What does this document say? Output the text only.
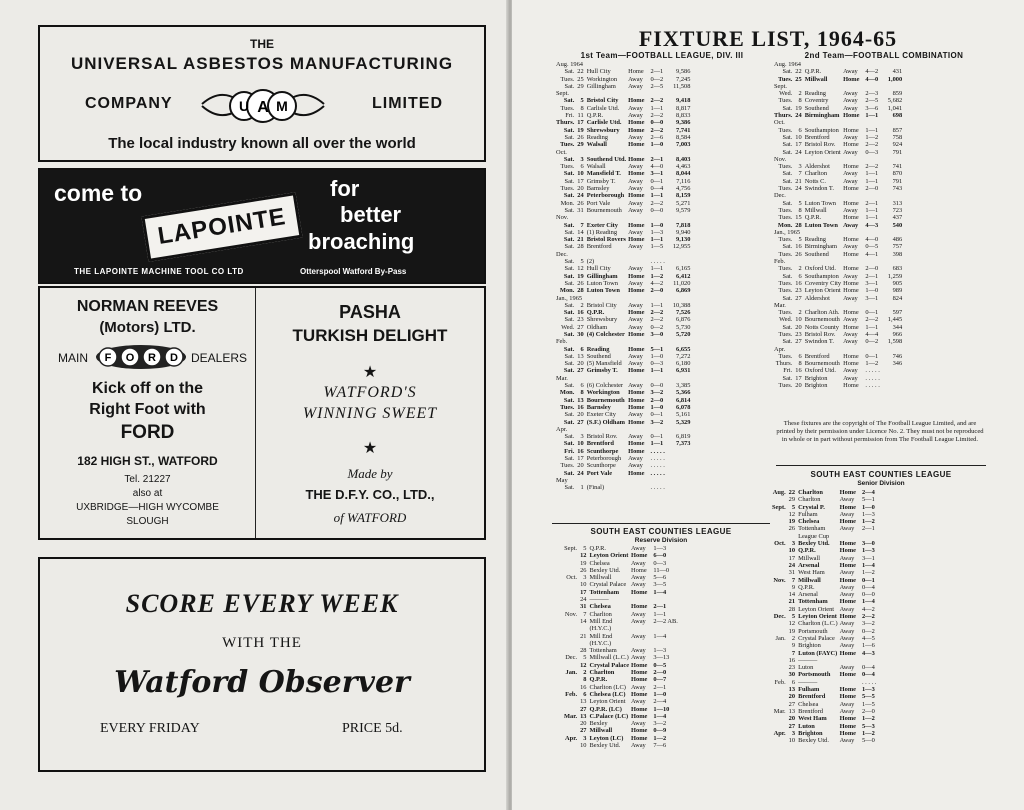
THE
UNIVERSAL ASBESTOS MANUFACTURING
COMPANY	U A M	LIMITED
The local industry known all over the world
come to
LAPOINTE
for
better
broaching
THE LAPOINTE MACHINE TOOL CO LTD	Otterspool Watford By-Pass
NORMAN REEVES
(Motors) LTD.
MAIN F O R D DEALERS
Kick off on the
Right Foot with
FORD
182 HIGH ST., WATFORD
Tel. 21227
also at
UXBRIDGE—HIGH WYCOMBE
SLOUGH
PASHA
TURKISH DELIGHT
★
WATFORD'S
WINNING SWEET
★
Made by
THE D.F.Y. CO., LTD.,
of WATFORD
SCORE EVERY WEEK
WITH THE
Watford Observer
EVERY FRIDAY	PRICE 5d.
FIXTURE LIST, 1964-65
1st Team—FOOTBALL LEAGUE, DIV. III
Aug. 1964					
Sat.	22	Hull City	Home	2—1	9,586
Tues.	25	Workington	Away	0—2	7,245
Sat.	29	Gillingham	Away	2—5	11,508
Sept.					
Sat.	5	Bristol City	Home	2—2	9,418
Tues.	8	Carlisle Utd.	Away	1—1	8,817
Fri.	11	Q.P.R.	Away	2—2	8,833
Thurs.	17	Carlisle Utd.	Home	0—0	9,386
Sat.	19	Shrewsbury	Home	2—2	7,741
Sat.	26	Reading	Away	2—6	8,584
Tues.	29	Walsall	Home	1—0	7,003
Oct.					
Sat.	3	Southend Utd.	Home	2—1	8,403
Tues.	6	Walsall	Away	4—0	4,463
Sat.	10	Mansfield T.	Home	3—1	8,044
Sat.	17	Grimsby T.	Away	0—1	7,116
Tues.	20	Barnsley	Away	0—4	4,756
Sat.	24	Peterborough	Home	1—1	8,159
Mon.	26	Port Vale	Away	2—2	5,271
Sat.	31	Bournemouth	Away	0—0	9,579
Nov.					
Sat.	7	Exeter City	Home	1—0	7,818
Sat.	14	(1) Reading	Away	1—3	9,940
Sat.	21	Bristol Rovers	Home	1—1	9,130
Sat.	28	Brentford	Away	1—5	12,955
Dec.					
Sat.	5	(2)		. . . . .	
Sat.	12	Hull City	Away	1—1	6,165
Sat.	19	Gillingham	Home	1—2	6,412
Sat.	26	Luton Town	Away	4—2	11,020
Mon.	28	Luton Town	Home	2—0	6,869
Jan., 1965					
Sat.	2	Bristol City	Away	1—1	10,388
Sat.	16	Q.P.R.	Home	2—2	7,526
Sat.	23	Shrewsbury	Away	2—2	6,876
Wed.	27	Oldham	Away	0—2	5,730
Sat.	30	(4) Colchester	Home	3—0	5,720
Feb.					
Sat.	6	Reading	Home	5—1	6,655
Sat.	13	Southend	Away	1—0	7,272
Sat.	20	(5) Mansfield	Away	0—3	6,180
Sat.	27	Grimsby T.	Home	1—1	6,931
Mar.					
Sat.	6	(6) Colchester	Away	0—0	3,385
Mon.	8	Workington	Home	3—2	5,366
Sat.	13	Bournemouth	Home	2—0	6,814
Tues.	16	Barnsley	Home	1—0	6,078
Sat.	20	Exeter City	Away	0—1	5,161
Sat.	27	(S.F.) Oldham	Home	3—2	5,329
Apr.					
Sat.	3	Bristol Rov.	Away	0—1	6,819
Sat.	10	Brentford	Home	1—1	7,373
Fri.	16	Scunthorpe	Home	. . . . .	
Sat.	17	Peterborough	Away	. . . . .	
Tues.	20	Scunthorpe	Away	. . . . .	
Sat.	24	Port Vale	Home	. . . . .	
May					
Sat.	1	(Final)		. . . . .	
2nd Team—FOOTBALL COMBINATION
Aug. 1964					
Sat.	22	Q.P.R.	Away	4—2	431
Tues.	25	Millwall	Home	4—0	1,000
Sept.					
Wed.	2	Reading	Away	2—3	859
Tues.	8	Coventry	Away	2—5	5,682
Sat.	19	Southend	Away	3—6	1,041
Thurs.	24	Birmingham	Home	1—1	698
Oct.					
Tues.	6	Southampton	Home	1—1	857
Sat.	10	Brentford	Away	1—2	758
Sat.	17	Bristol Rov.	Home	2—2	924
Sat.	24	Leyton Orient	Away	0—3	791
Nov.					
Tues.	3	Aldershot	Home	2—2	741
Sat.	7	Charlton	Away	1—1	870
Sat.	21	Notts C.	Away	1—1	791
Tues.	24	Swindon T.	Home	2—0	743
Dec.					
Sat.	5	Luton Town	Home	2—1	313
Tues.	8	Millwall	Away	1—1	723
Tues.	15	Q.P.R.	Home	1—1	437
Mon.	28	Luton Town	Away	4—3	540
Jan., 1965					
Tues.	5	Reading	Home	4—0	486
Sat.	16	Birmingham	Away	0—5	757
Tues.	26	Southend	Home	4—1	398
Feb.					
Tues.	2	Oxford Utd.	Home	2—0	683
Sat.	6	Southampton	Away	2—1	1,259
Tues.	16	Coventry City	Home	3—1	905
Tues.	23	Leyton Orient	Home	1—0	989
Sat.	27	Aldershot	Away	3—1	824
Mar.					
Tues.	2	Charlton Ath.	Home	0—1	597
Wed.	10	Bournemouth	Away	2—2	1,445
Sat.	20	Notts County	Home	1—1	344
Tues.	23	Bristol Rov.	Away	4—4	966
Sat.	27	Swindon T.	Away	0—2	1,598
Apr.					
Tues.	6	Brentford	Home	0—1	746
Thurs.	8	Bournemouth	Home	1—2	346
Fri.	16	Oxford Utd.	Away	. . . . .	
Sat.	17	Brighton	Away	. . . . .	
Tues.	20	Brighton	Home	. . . . .	
These fixtures are the copyright of The Football League Limited, and are printed by their permission under Licence No. 2. They must not be reproduced in whole or in part without permission from The Football League Limited.
SOUTH EAST COUNTIES LEAGUE
Reserve Division
Sept.	5	Q.P.R.	Away	1—3
	12	Leyton Orient	Home	6—0
	19	Chelsea	Away	0—3
	26	Bexley Utd.	Home	11—0
Oct.	3	Millwall	Away	5—6
	10	Crystal Palace	Away	3—5
	17	Tottenham	Home	1—4
	24	———		
	31	Chelsea	Home	2—1
Nov.	7	Charlton	Away	1—1
	14	Mill End	Away	2—2 AB.
		(H.Y.C.)		
	21	Mill End	Away	1—4
		(H.Y.C.)		
	28	Tottenham	Away	1—3
Dec.	5	Millwall (L.C.)	Away	3—13
	12	Crystal Palace	Home	0—5
Jan.	2	Charlton	Home	2—0
	8	Q.P.R.	Home	0—7
	16	Charlton (LC)	Away	2—1
Feb.	6	Chelsea (LC)	Home	1—0
	13	Leyton Orient	Away	2—4
	27	Q.P.R. (LC)	Home	1—10
Mar.	13	C.Palace (LC)	Home	1—4
	20	Bexley	Away	3—2
	27	Millwall	Home	0—9
Apr.	3	Leyton (LC)	Home	1—2
	10	Bexley Utd.	Away	7—6
SOUTH EAST COUNTIES LEAGUE
Senior Division
Aug.	22	Charlton	Home	2—4
	29	Charlton	Away	5—1
Sept.	5	Crystal P.	Home	1—0
	12	Fulham	Away	1—3
	19	Chelsea	Home	1—2
	26	Tottenham	Away	2—1
		League Cup		
Oct.	3	Bexley Utd.	Home	3—0
	10	Q.P.R.	Home	1—3
	17	Millwall	Away	3—1
	24	Arsenal	Home	1—4
	31	West Ham	Away	1—2
Nov.	7	Millwall	Home	0—1
	9	Q.P.R.	Away	0—4
	14	Arsenal	Away	0—0
	21	Tottenham	Home	1—4
	28	Leyton Orient	Away	4—2
Dec.	5	Leyton Orient	Home	2—2
	12	Charlton (L.C.)	Away	3—2
	19	Portsmouth	Away	0—2
Jan.	2	Crystal Palace	Away	4—5
	9	Brighton	Away	1—6
	7	Luton (FAYC)	Home	4—3
	16	———		
	23	Luton	Away	0—4
	30	Portsmouth	Home	0—4
Feb.	6	———		. . . . .
	13	Fulham	Home	1—3
	20	Brentford	Home	5—5
	27	Chelsea	Away	1—5
Mar.	13	Brentford	Away	2—0
	20	West Ham	Home	1—2
	27	Luton	Home	5—3
Apr.	3	Brighton	Home	1—2
	10	Bexley Utd.	Away	5—0
